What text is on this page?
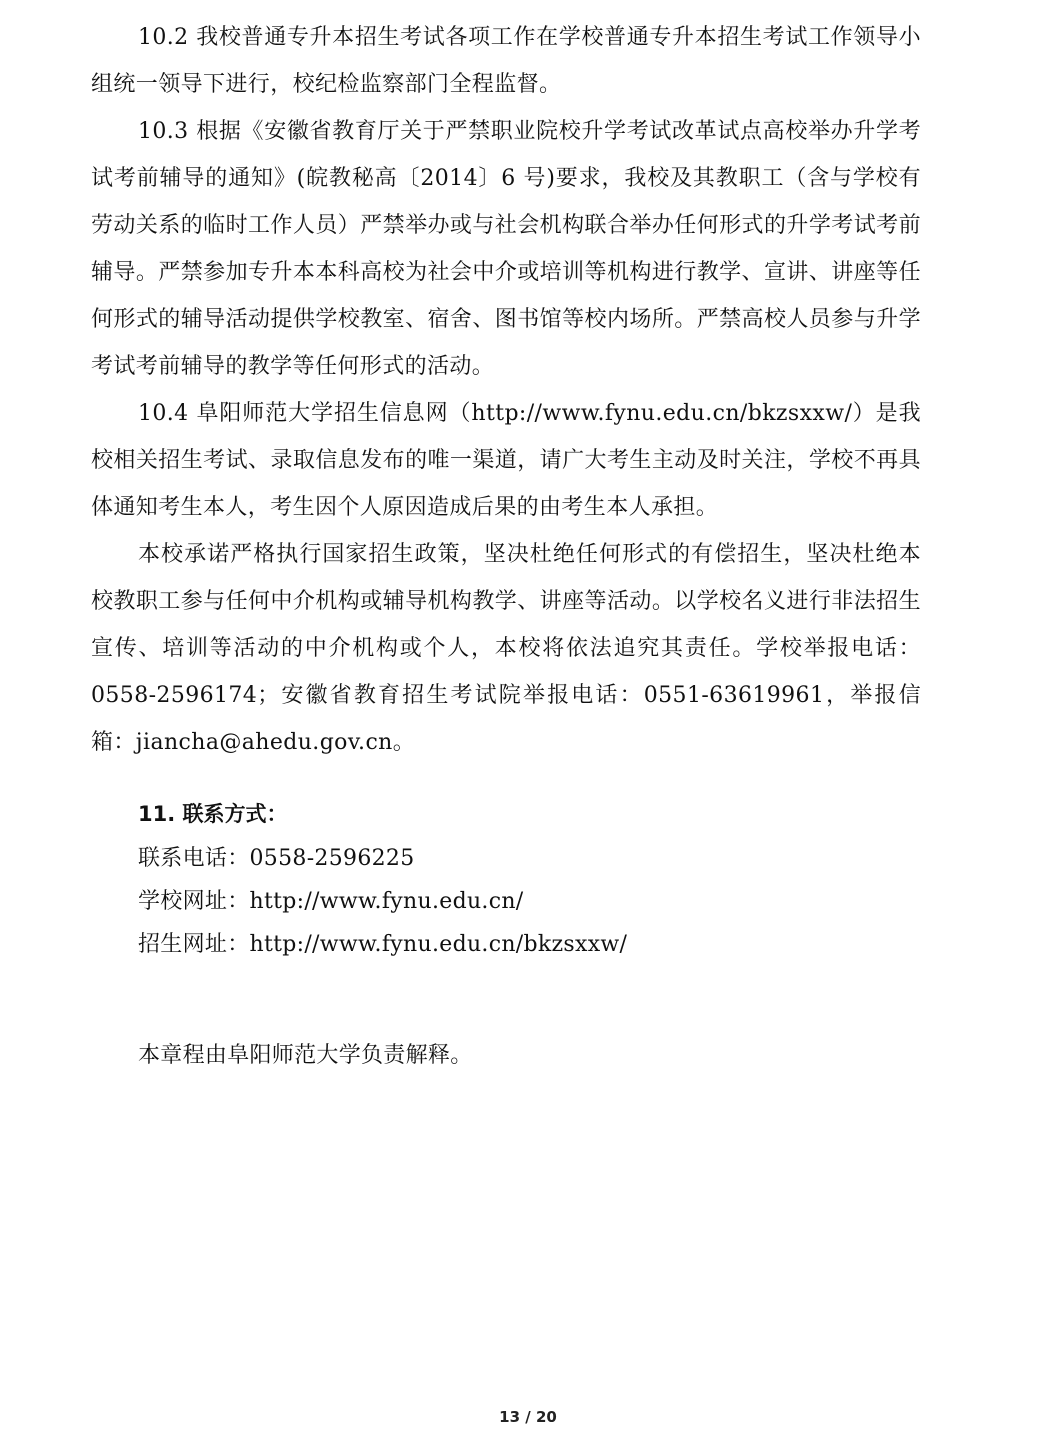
10.2 我校普通专升本招生考试各项工作在学校普通专升本招生考试工作领导小组统一领导下进行，校纪检监察部门全程监督。

10.3 根据《安徽省教育厅关于严禁职业院校升学考试改革试点高校举办升学考试考前辅导的通知》(皖教秘高〔2014〕6 号)要求，我校及其教职工（含与学校有劳动关系的临时工作人员）严禁举办或与社会机构联合举办任何形式的升学考试考前辅导。严禁参加专升本本科高校为社会中介或培训等机构进行教学、宣讲、讲座等任何形式的辅导活动提供学校教室、宿舍、图书馆等校内场所。严禁高校人员参与升学考试考前辅导的教学等任何形式的活动。

10.4 阜阳师范大学招生信息网（http://www.fynu.edu.cn/bkzsxxw/）是我校相关招生考试、录取信息发布的唯一渠道，请广大考生主动及时关注，学校不再具体通知考生本人，考生因个人原因造成后果的由考生本人承担。

本校承诺严格执行国家招生政策，坚决杜绝任何形式的有偿招生，坚决杜绝本校教职工参与任何中介机构或辅导机构教学、讲座等活动。以学校名义进行非法招生宣传、培训等活动的中介机构或个人，本校将依法追究其责任。学校举报电话：0558-2596174；安徽省教育招生考试院举报电话：0551-63619961，举报信箱：jiancha@ahedu.gov.cn。

11. 联系方式：

联系电话：0558-2596225

学校网址：http://www.fynu.edu.cn/

招生网址：http://www.fynu.edu.cn/bkzsxxw/

本章程由阜阳师范大学负责解释。

13 / 20
